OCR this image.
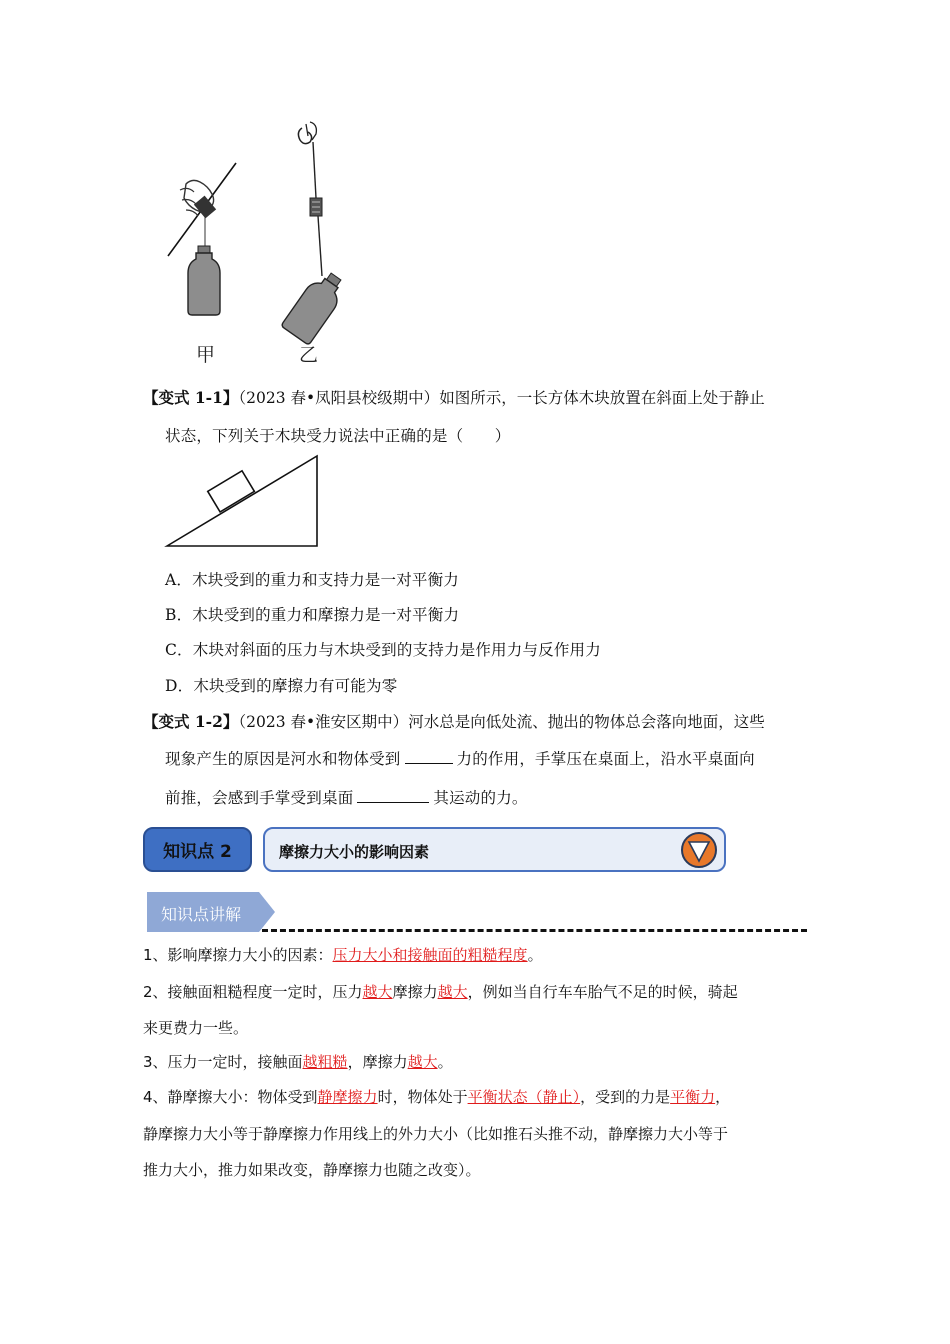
甲	乙
【变式 1-1】（2023 春•凤阳县校级期中）如图所示，一长方体木块放置在斜面上处于静止
状态，下列关于木块受力说法中正确的是（　　）
A．木块受到的重力和支持力是一对平衡力
B．木块受到的重力和摩擦力是一对平衡力
C．木块对斜面的压力与木块受到的支持力是作用力与反作用力
D．木块受到的摩擦力有可能为零
【变式 1-2】（2023 春•淮安区期中）河水总是向低处流、抛出的物体总会落向地面，这些
现象产生的原因是河水和物体受到	力的作用，手掌压在桌面上，沿水平桌面向
前推，会感到手掌受到桌面	其运动的力。
知识点 2	摩擦力大小的影响因素
知识点讲解
1、影响摩擦力大小的因素：压力大小和接触面的粗糙程度。
2、接触面粗糙程度一定时，压力越大摩擦力越大，例如当自行车车胎气不足的时候，骑起
来更费力一些。
3、压力一定时，接触面越粗糙，摩擦力越大。
4、静摩擦大小：物体受到静摩擦力时，物体处于平衡状态（静止），受到的力是平衡力，
静摩擦力大小等于静摩擦力作用线上的外力大小（比如推石头推不动，静摩擦力大小等于
推力大小，推力如果改变，静摩擦力也随之改变）。
